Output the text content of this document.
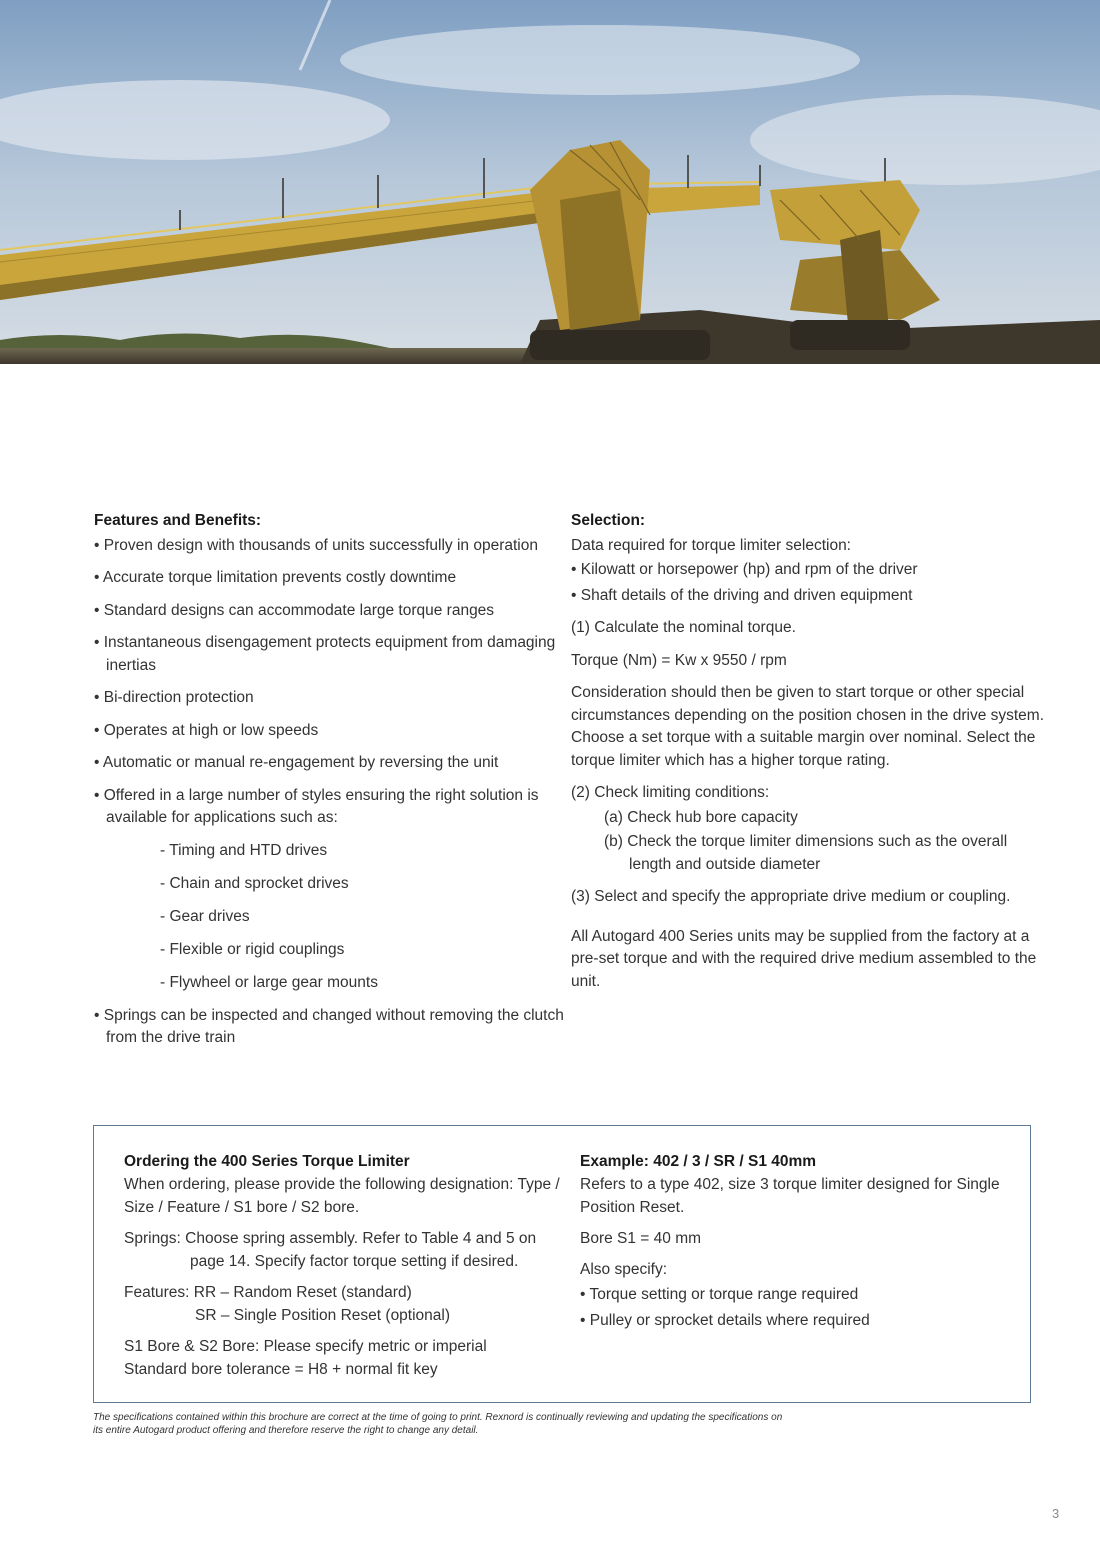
Features and Benefits:
• Proven design with thousands of units successfully in operation
• Accurate torque limitation prevents costly downtime
• Standard designs can accommodate large torque ranges
• Instantaneous disengagement protects equipment from damaging inertias
• Bi-direction protection
• Operates at high or low speeds
• Automatic or manual re-engagement by reversing the unit
• Offered in a large number of styles ensuring the right solution is available for applications such as:
- Timing and HTD drives
- Chain and sprocket drives
- Gear drives
- Flexible or rigid couplings
- Flywheel or large gear mounts
• Springs can be inspected and changed without removing the clutch from the drive train
Selection:
Data required for torque limiter selection:
• Kilowatt or horsepower (hp) and rpm of the driver
• Shaft details of the driving and driven equipment
(1) Calculate the nominal torque.
Torque (Nm) = Kw x 9550 / rpm
Consideration should then be given to start torque or other special circumstances depending on the position chosen in the drive system. Choose a set torque with a suitable margin over nominal. Select the torque limiter which has a higher torque rating.
(2) Check limiting conditions:
(a) Check hub bore capacity
(b) Check the torque limiter dimensions such as the overall length and outside diameter
(3) Select and specify the appropriate drive medium or coupling.
All Autogard 400 Series units may be supplied from the factory at a pre-set torque and with the required drive medium assembled to the unit.
Ordering the 400 Series Torque Limiter
When ordering, please provide the following designation: Type / Size / Feature / S1 bore / S2 bore.
Springs: Choose spring assembly. Refer to Table 4 and 5 on page 14. Specify factor torque setting if desired.
Features: RR – Random Reset (standard)
SR – Single Position Reset (optional)
S1 Bore & S2 Bore: Please specify metric or imperial
Standard bore tolerance = H8 + normal fit key
Example: 402 / 3 / SR / S1 40mm
Refers to a type 402, size 3 torque limiter designed for Single Position Reset.
Bore S1 = 40 mm
Also specify:
• Torque setting or torque range required
• Pulley or sprocket details where required
The specifications contained within this brochure are correct at the time of going to print. Rexnord is continually reviewing and updating the specifications on its entire Autogard product offering and therefore reserve the right to change any detail.
3
